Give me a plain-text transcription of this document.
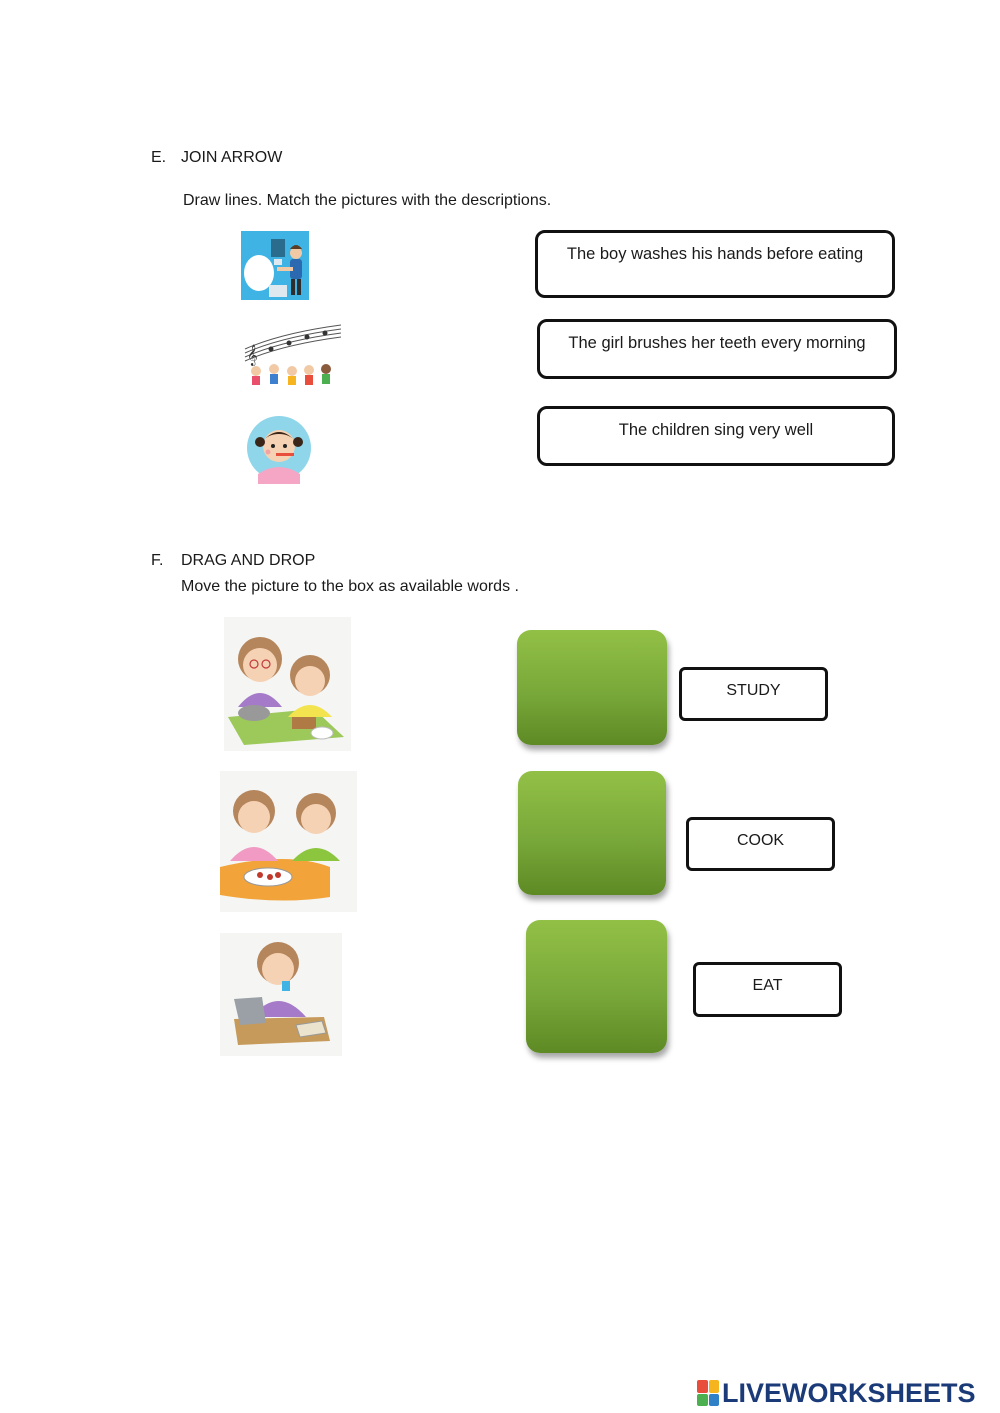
E. JOIN ARROW
Draw lines. Match the pictures with the descriptions.
𝄞
The boy washes his hands before eating
The girl brushes her teeth every morning
The children sing very well
F. DRAG AND DROP
Move the picture to the box as available words .
STUDY
COOK
EAT
LIVEWORKSHEETS
